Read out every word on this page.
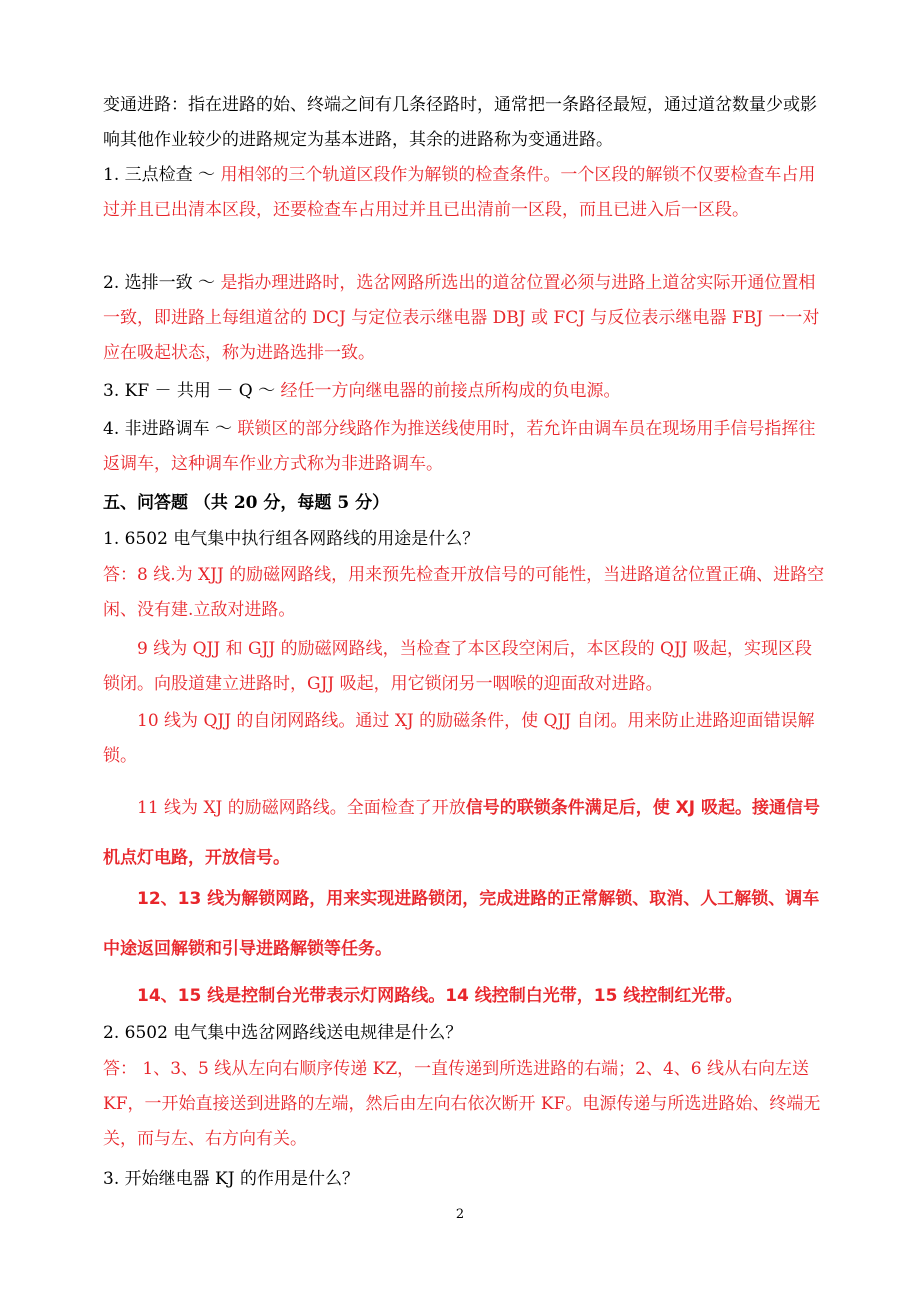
变通进路：指在进路的始、终端之间有几条径路时，通常把一条路径最短，通过道岔数量少或影响其他作业较少的进路规定为基本进路，其余的进路称为变通进路。

1. 三点检查 ～ 用相邻的三个轨道区段作为解锁的检查条件。一个区段的解锁不仅要检查车占用过并且已出清本区段，还要检查车占用过并且已出清前一区段，而且已进入后一区段。

2. 选排一致 ～ 是指办理进路时，选岔网路所选出的道岔位置必须与进路上道岔实际开通位置相一致，即进路上每组道岔的 DCJ 与定位表示继电器 DBJ 或 FCJ 与反位表示继电器 FBJ 一一对应在吸起状态，称为进路选排一致。

3. KF － 共用 － Q ～ 经任一方向继电器的前接点所构成的负电源。

4. 非进路调车 ～ 联锁区的部分线路作为推送线使用时，若允许由调车员在现场用手信号指挥往返调车，这种调车作业方式称为非进路调车。

五、问答题 （共 20 分，每题 5 分）

1. 6502 电气集中执行组各网路线的用途是什么？

答：8 线.为 XJJ 的励磁网路线，用来预先检查开放信号的可能性，当进路道岔位置正确、进路空闲、没有建.立敌对进路。

9 线为 QJJ 和 GJJ 的励磁网路线，当检查了本区段空闲后，本区段的 QJJ 吸起，实现区段锁闭。向股道建立进路时，GJJ 吸起，用它锁闭另一咽喉的迎面敌对进路。

10 线为 QJJ 的自闭网路线。通过 XJ 的励磁条件，使 QJJ 自闭。用来防止进路迎面错误解锁。

11 线为 XJ 的励磁网路线。全面检查了开放信号的联锁条件满足后，使 XJ 吸起。接通信号机点灯电路，开放信号。

12、13 线为解锁网路，用来实现进路锁闭，完成进路的正常解锁、取消、人工解锁、调车中途返回解锁和引导进路解锁等任务。

14、15 线是控制台光带表示灯网路线。14 线控制白光带，15 线控制红光带。

2. 6502 电气集中选岔网路线送电规律是什么？

答： 1、3、5 线从左向右顺序传递 KZ，一直传递到所选进路的右端；2、4、6 线从右向左送 KF，一开始直接送到进路的左端，然后由左向右依次断开 KF。电源传递与所选进路始、终端无关，而与左、右方向有关。

3. 开始继电器 KJ 的作用是什么？

2
